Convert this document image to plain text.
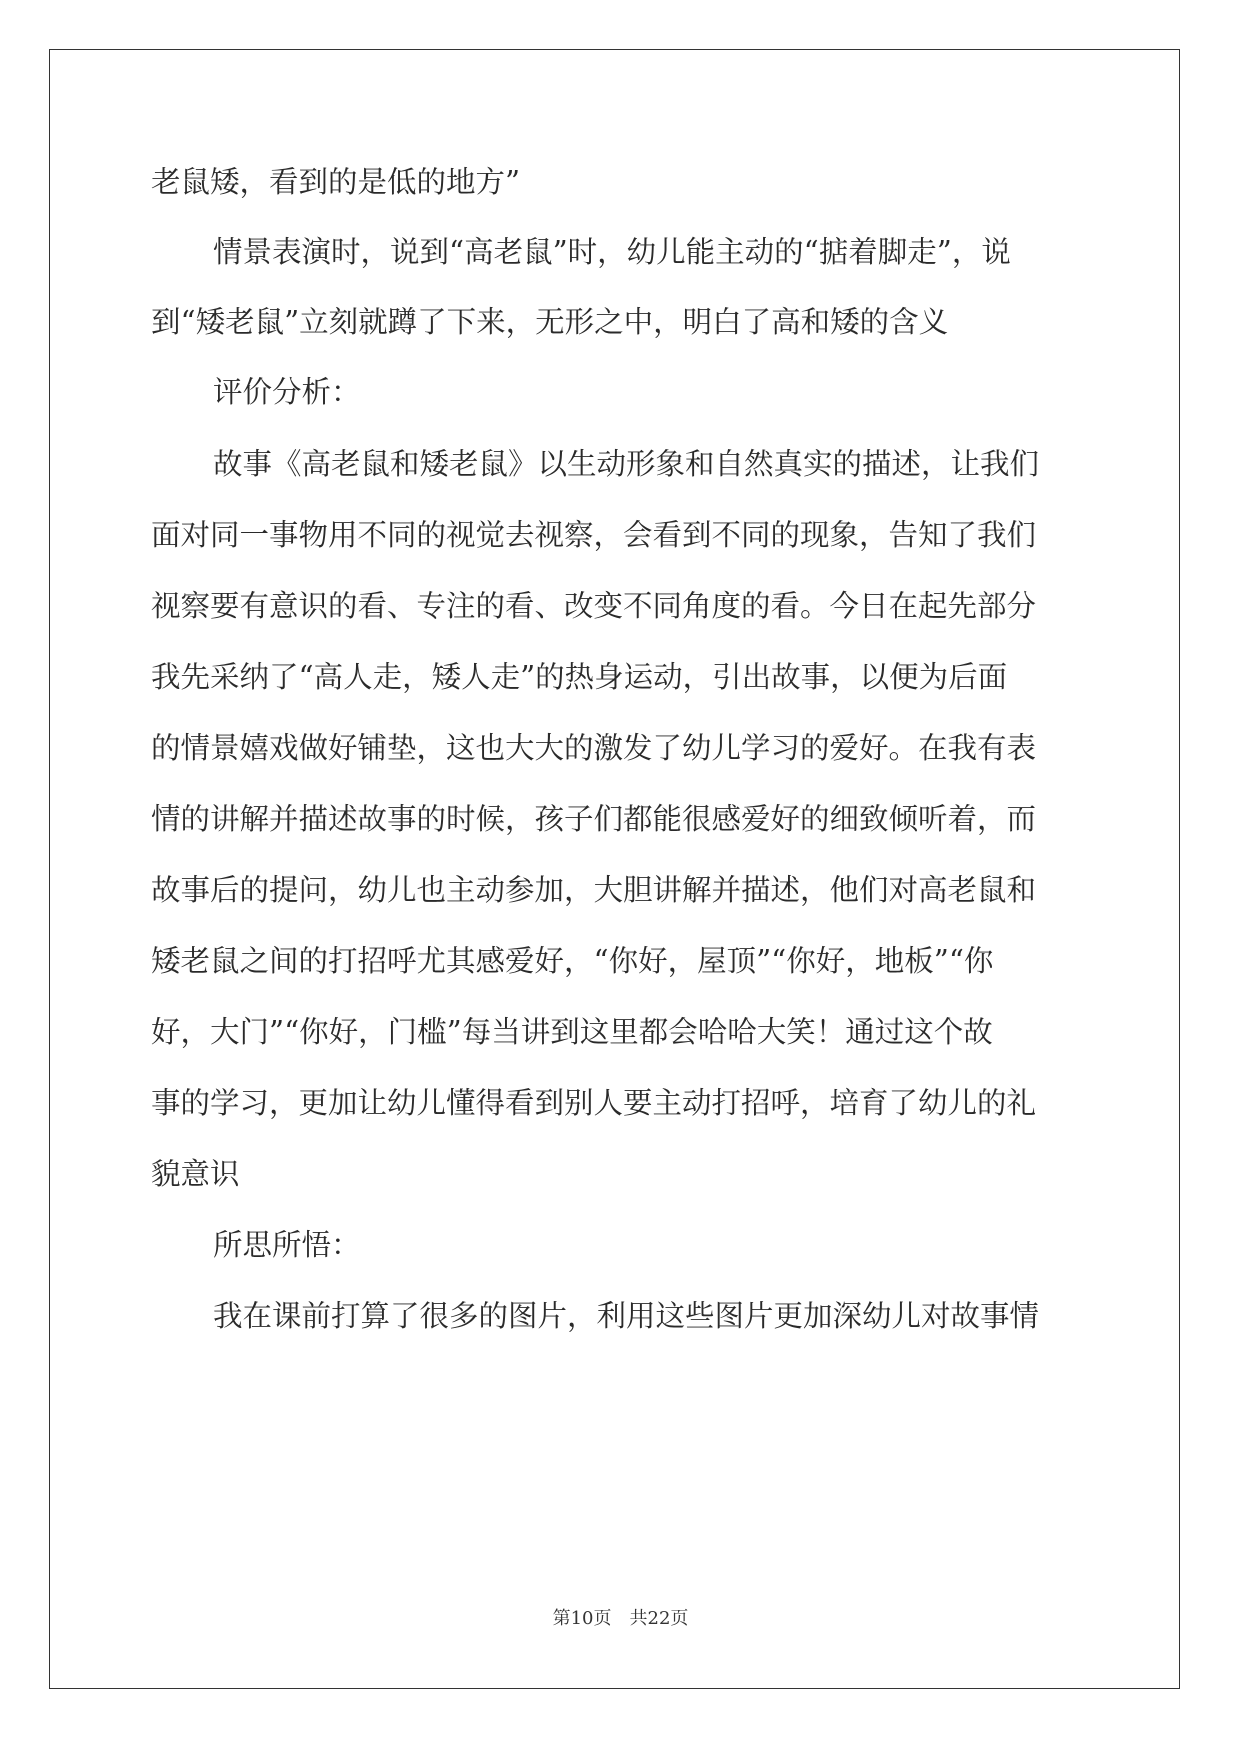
老鼠矮，看到的是低的地方”
情景表演时，说到“高老鼠”时，幼儿能主动的“掂着脚走”，说
到“矮老鼠”立刻就蹲了下来，无形之中，明白了高和矮的含义
评价分析：
故事《高老鼠和矮老鼠》以生动形象和自然真实的描述，让我们
面对同一事物用不同的视觉去视察，会看到不同的现象，告知了我们
视察要有意识的看、专注的看、改变不同角度的看。今日在起先部分
我先采纳了“高人走，矮人走”的热身运动，引出故事，以便为后面
的情景嬉戏做好铺垫，这也大大的激发了幼儿学习的爱好。在我有表
情的讲解并描述故事的时候，孩子们都能很感爱好的细致倾听着，而
故事后的提问，幼儿也主动参加，大胆讲解并描述，他们对高老鼠和
矮老鼠之间的打招呼尤其感爱好，“你好，屋顶”“你好，地板”“你
好，大门”“你好，门槛”每当讲到这里都会哈哈大笑！通过这个故
事的学习，更加让幼儿懂得看到别人要主动打招呼，培育了幼儿的礼
貌意识
所思所悟：
我在课前打算了很多的图片，利用这些图片更加深幼儿对故事情
第10页　共22页
